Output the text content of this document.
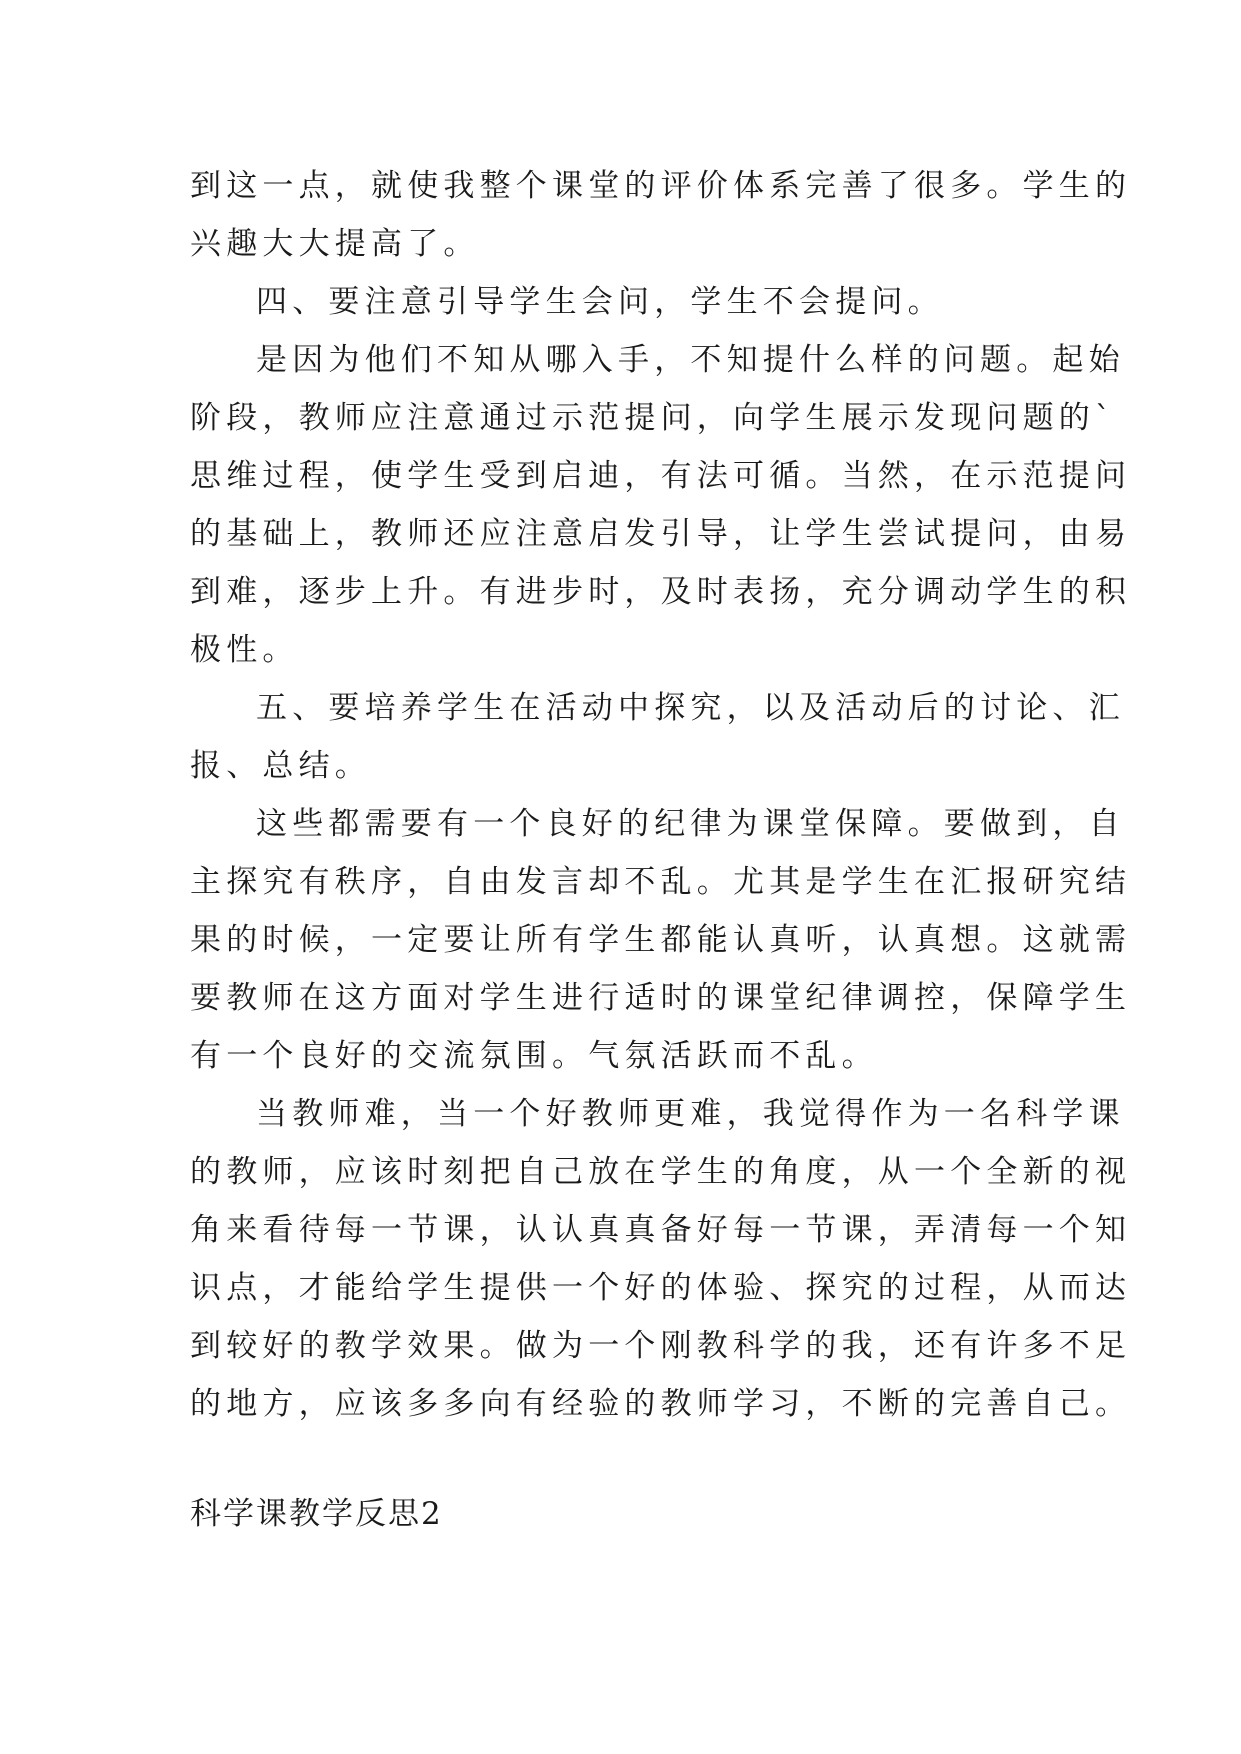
到这一点，就使我整个课堂的评价体系完善了很多。学生的
兴趣大大提高了。
四、要注意引导学生会问，学生不会提问。
是因为他们不知从哪入手，不知提什么样的问题。起始
阶段，教师应注意通过示范提问，向学生展示发现问题的`
思维过程，使学生受到启迪，有法可循。当然，在示范提问
的基础上，教师还应注意启发引导，让学生尝试提问，由易
到难，逐步上升。有进步时，及时表扬，充分调动学生的积
极性。
五、要培养学生在活动中探究，以及活动后的讨论、汇
报、总结。
这些都需要有一个良好的纪律为课堂保障。要做到，自
主探究有秩序，自由发言却不乱。尤其是学生在汇报研究结
果的时候，一定要让所有学生都能认真听，认真想。这就需
要教师在这方面对学生进行适时的课堂纪律调控，保障学生
有一个良好的交流氛围。气氛活跃而不乱。
当教师难，当一个好教师更难，我觉得作为一名科学课
的教师，应该时刻把自己放在学生的角度，从一个全新的视
角来看待每一节课，认认真真备好每一节课，弄清每一个知
识点，才能给学生提供一个好的体验、探究的过程，从而达
到较好的教学效果。做为一个刚教科学的我，还有许多不足
的地方，应该多多向有经验的教师学习，不断的完善自己。
科学课教学反思2
